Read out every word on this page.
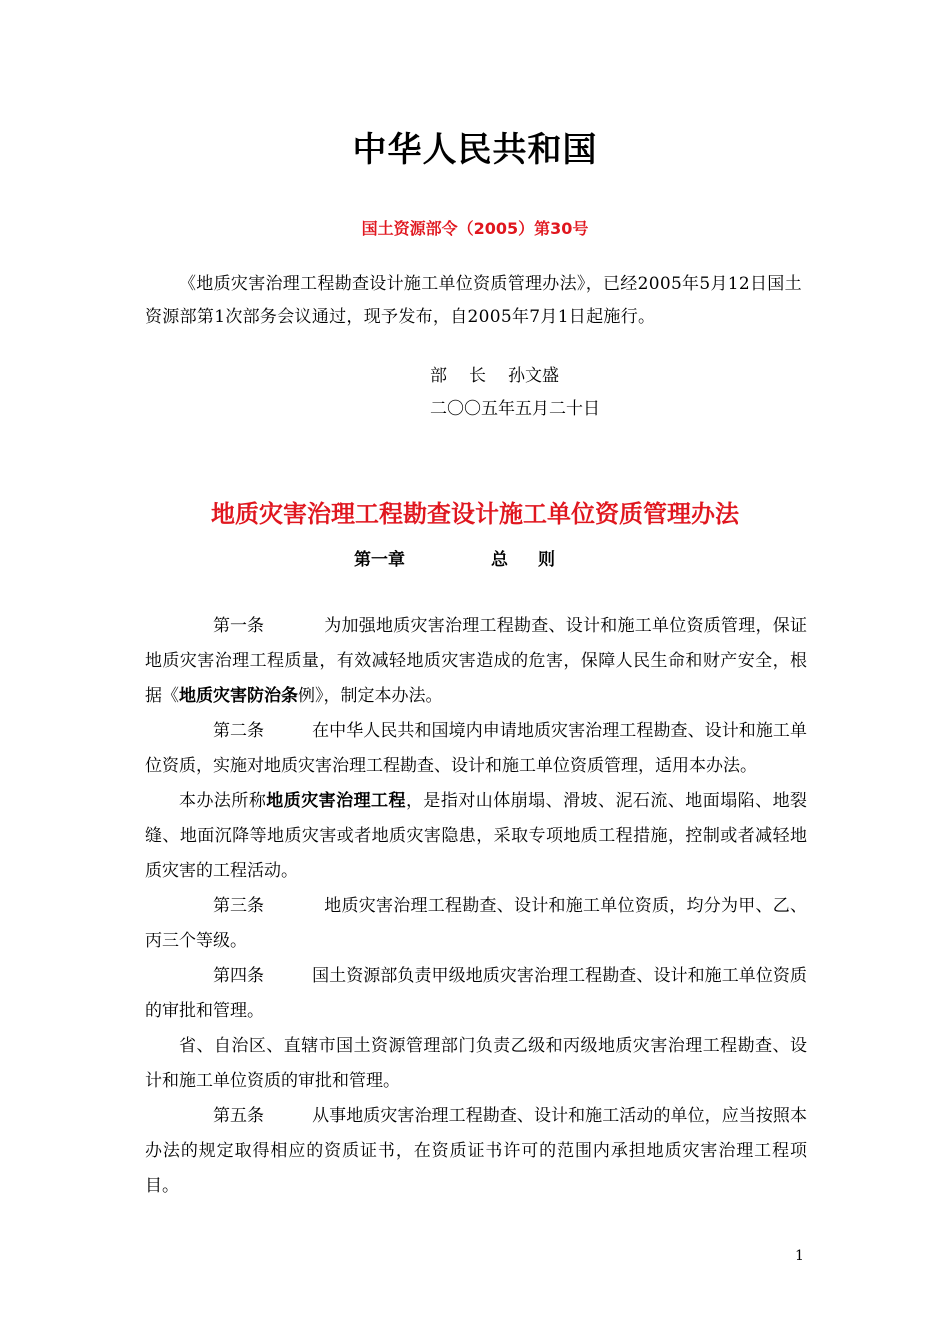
中华人民共和国
国土资源部令（2005）第30号

《地质灾害治理工程勘查设计施工单位资质管理办法》，已经2005年5月12日国土资源部第1次部务会议通过，现予发布，自2005年7月1日起施行。

部 长 孙文盛
二〇〇五年五月二十日
地质灾害治理工程勘查设计施工单位资质管理办法
第一章	总则

第一条	为加强地质灾害治理工程勘查、设计和施工单位资质管理，保证地质灾害治理工程质量，有效减轻地质灾害造成的危害，保障人民生命和财产安全，根据《地质灾害防治条例》，制定本办法。

第二条	在中华人民共和国境内申请地质灾害治理工程勘查、设计和施工单位资质，实施对地质灾害治理工程勘查、设计和施工单位资质管理，适用本办法。

本办法所称地质灾害治理工程，是指对山体崩塌、滑坡、泥石流、地面塌陷、地裂缝、地面沉降等地质灾害或者地质灾害隐患，采取专项地质工程措施，控制或者减轻地质灾害的工程活动。

第三条	地质灾害治理工程勘查、设计和施工单位资质，均分为甲、乙、丙三个等级。

第四条	国土资源部负责甲级地质灾害治理工程勘查、设计和施工单位资质的审批和管理。

省、自治区、直辖市国土资源管理部门负责乙级和丙级地质灾害治理工程勘查、设计和施工单位资质的审批和管理。

第五条	从事地质灾害治理工程勘查、设计和施工活动的单位，应当按照本办法的规定取得相应的资质证书，在资质证书许可的范围内承担地质灾害治理工程项目。

1
